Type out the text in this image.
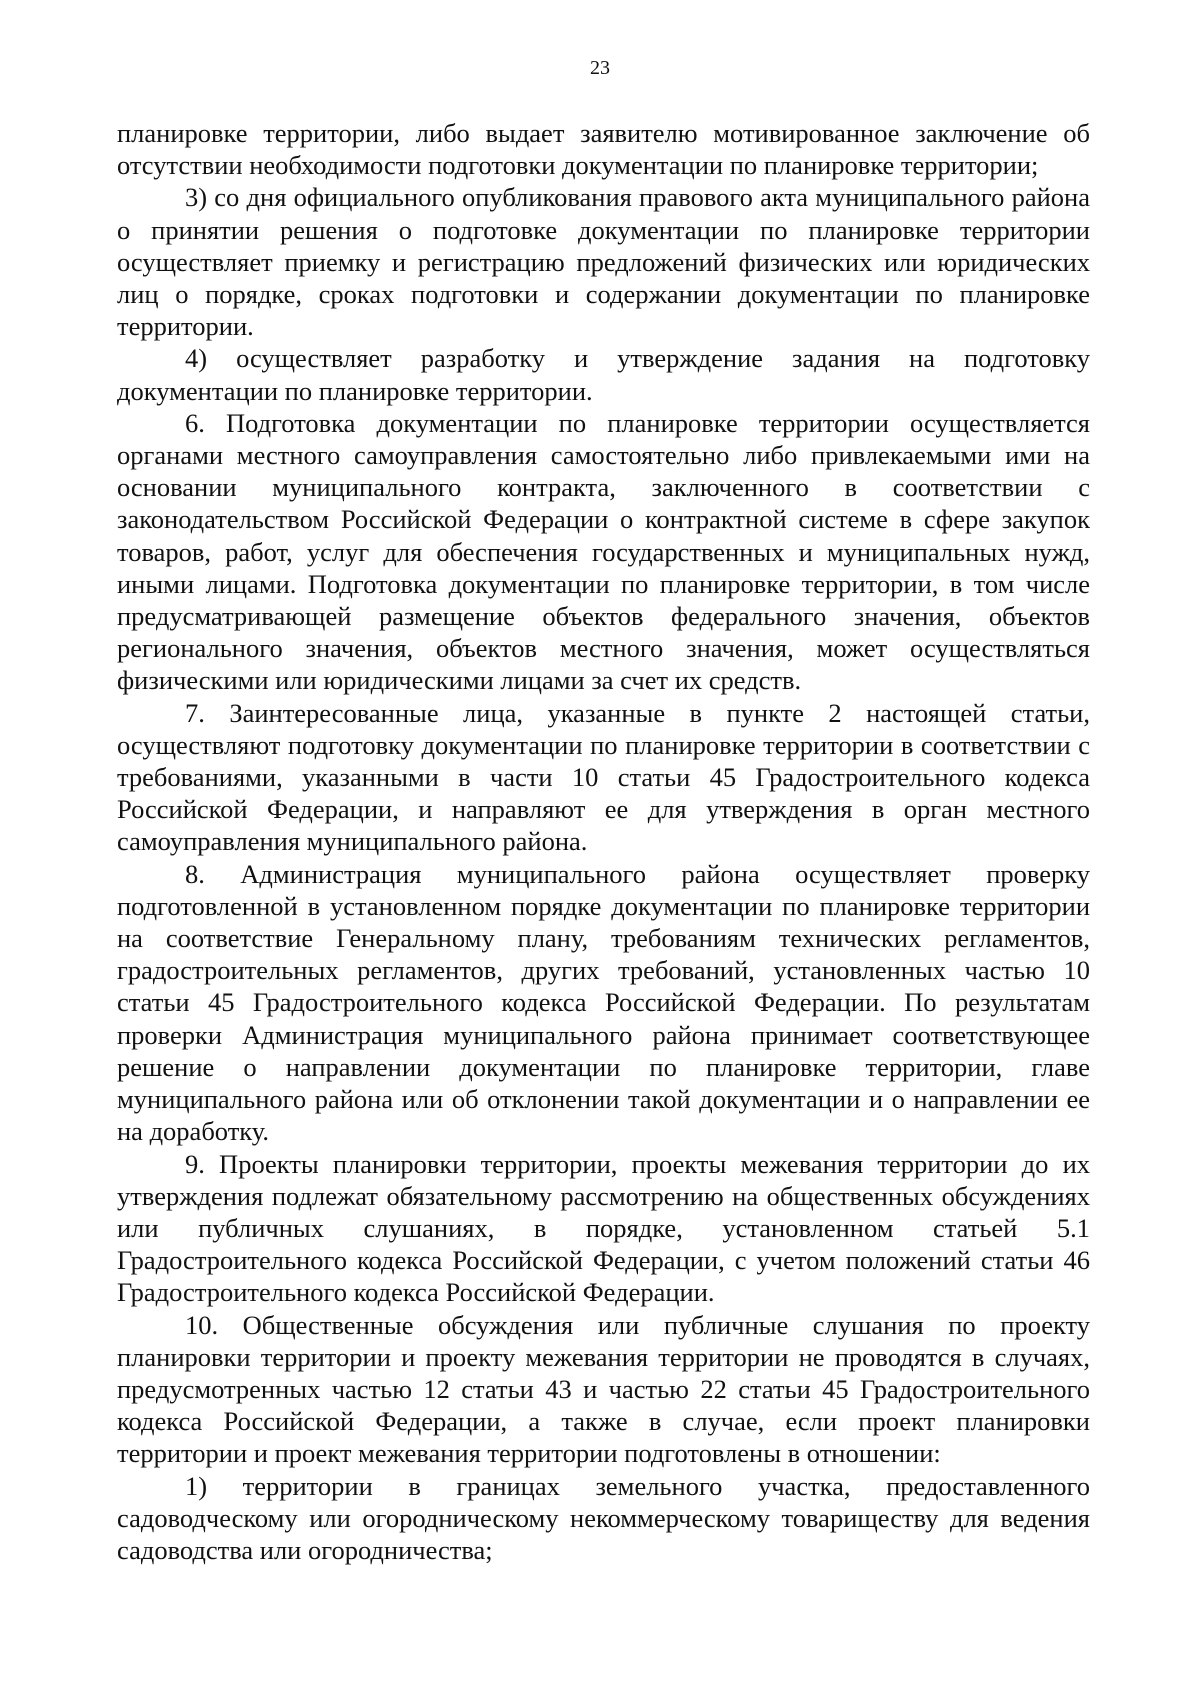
23

планировке территории, либо выдает заявителю мотивированное заключение об отсутствии необходимости подготовки документации по планировке территории;

3) со дня официального опубликования правового акта муниципального района о принятии решения о подготовке документации по планировке территории осуществляет приемку и регистрацию предложений физических или юридических лиц о порядке, сроках подготовки и содержании документации по планировке территории.

4) осуществляет разработку и утверждение задания на подготовку документации по планировке территории.

6. Подготовка документации по планировке территории осуществляется органами местного самоуправления самостоятельно либо привлекаемыми ими на основании муниципального контракта, заключенного в соответствии с законодательством Российской Федерации о контрактной системе в сфере закупок товаров, работ, услуг для обеспечения государственных и муниципальных нужд, иными лицами. Подготовка документации по планировке территории, в том числе предусматривающей размещение объектов федерального значения, объектов регионального значения, объектов местного значения, может осуществляться физическими или юридическими лицами за счет их средств.

7. Заинтересованные лица, указанные в пункте 2 настоящей статьи, осуществляют подготовку документации по планировке территории в соответствии с требованиями, указанными в части 10 статьи 45 Градостроительного кодекса Российской Федерации, и направляют ее для утверждения в орган местного самоуправления муниципального района.

8. Администрация муниципального района осуществляет проверку подготовленной в установленном порядке документации по планировке территории на соответствие Генеральному плану, требованиям технических регламентов, градостроительных регламентов, других требований, установленных частью 10 статьи 45 Градостроительного кодекса Российской Федерации. По результатам проверки Администрация муниципального района принимает соответствующее решение о направлении документации по планировке территории, главе муниципального района или об отклонении такой документации и о направлении ее на доработку.

9. Проекты планировки территории, проекты межевания территории до их утверждения подлежат обязательному рассмотрению на общественных обсуждениях или публичных слушаниях, в порядке, установленном статьей 5.1 Градостроительного кодекса Российской Федерации, с учетом положений статьи 46 Градостроительного кодекса Российской Федерации.

10. Общественные обсуждения или публичные слушания по проекту планировки территории и проекту межевания территории не проводятся в случаях, предусмотренных частью 12 статьи 43 и частью 22 статьи 45 Градостроительного кодекса Российской Федерации, а также в случае, если проект планировки территории и проект межевания территории подготовлены в отношении:

1) территории в границах земельного участка, предоставленного садоводческому или огородническому некоммерческому товариществу для ведения садоводства или огородничества;
